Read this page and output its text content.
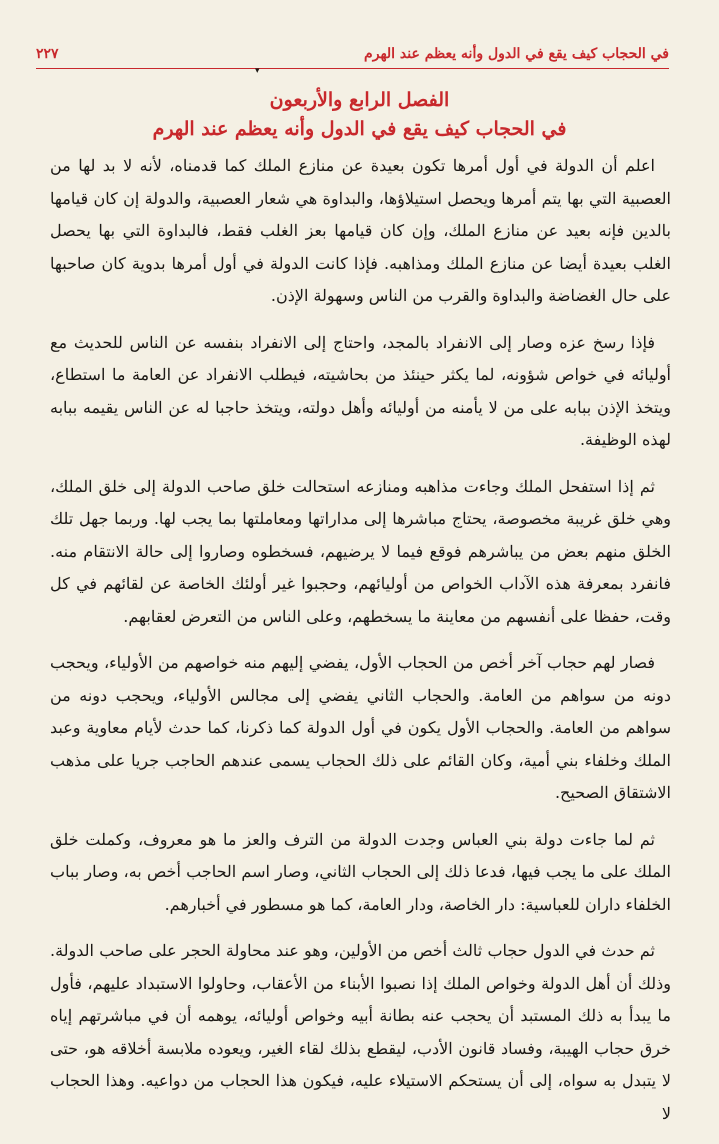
في الحجاب كيف يقع في الدول وأنه يعظم عند الهرم
٢٢٧
▾
الفصل الرابع والأربعون
في الحجاب كيف يقع في الدول وأنه يعظم عند الهرم

اعلم أن الدولة في أول أمرها تكون بعيدة عن منازع الملك كما قدمناه، لأنه لا بد لها من العصبية التي بها يتم أمرها ويحصل استيلاؤها، والبداوة هي شعار العصبية، والدولة إن كان قيامها بالدين فإنه بعيد عن منازع الملك، وإن كان قيامها بعز الغلب فقط، فالبداوة التي بها يحصل الغلب بعيدة أيضا عن منازع الملك ومذاهبه. فإذا كانت الدولة في أول أمرها بدوية كان صاحبها على حال الغضاضة والبداوة والقرب من الناس وسهولة الإذن.

فإذا رسخ عزه وصار إلى الانفراد بالمجد، واحتاج إلى الانفراد بنفسه عن الناس للحديث مع أوليائه في خواص شؤونه، لما يكثر حينئذ من بحاشيته، فيطلب الانفراد عن العامة ما استطاع، ويتخذ الإذن ببابه على من لا يأمنه من أوليائه وأهل دولته، ويتخذ حاجبا له عن الناس يقيمه ببابه لهذه الوظيفة.

ثم إذا استفحل الملك وجاءت مذاهبه ومنازعه استحالت خلق صاحب الدولة إلى خلق الملك، وهي خلق غريبة مخصوصة، يحتاج مباشرها إلى مداراتها ومعاملتها بما يجب لها. وربما جهل تلك الخلق منهم بعض من يباشرهم فوقع فيما لا يرضيهم، فسخطوه وصاروا إلى حالة الانتقام منه. فانفرد بمعرفة هذه الآداب الخواص من أوليائهم، وحجبوا غير أولئك الخاصة عن لقائهم في كل وقت، حفظا على أنفسهم من معاينة ما يسخطهم، وعلى الناس من التعرض لعقابهم.

فصار لهم حجاب آخر أخص من الحجاب الأول، يفضي إليهم منه خواصهم من الأولياء، ويحجب دونه من سواهم من العامة. والحجاب الثاني يفضي إلى مجالس الأولياء، ويحجب دونه من سواهم من العامة. والحجاب الأول يكون في أول الدولة كما ذكرنا، كما حدث لأيام معاوية وعبد الملك وخلفاء بني أمية، وكان القائم على ذلك الحجاب يسمى عندهم الحاجب جريا على مذهب الاشتقاق الصحيح.

ثم لما جاءت دولة بني العباس وجدت الدولة من الترف والعز ما هو معروف، وكملت خلق الملك على ما يجب فيها، فدعا ذلك إلى الحجاب الثاني، وصار اسم الحاجب أخص به، وصار بباب الخلفاء داران للعباسية: دار الخاصة، ودار العامة، كما هو مسطور في أخبارهم.

ثم حدث في الدول حجاب ثالث أخص من الأولين، وهو عند محاولة الحجر على صاحب الدولة. وذلك أن أهل الدولة وخواص الملك إذا نصبوا الأبناء من الأعقاب، وحاولوا الاستبداد عليهم، فأول ما يبدأ به ذلك المستبد أن يحجب عنه بطانة أبيه وخواص أوليائه، يوهمه أن في مباشرتهم إياه خرق حجاب الهيبة، وفساد قانون الأدب، ليقطع بذلك لقاء الغير، ويعوده ملابسة أخلاقه هو، حتى لا يتبدل به سواه، إلى أن يستحكم الاستيلاء عليه، فيكون هذا الحجاب من دواعيه. وهذا الحجاب لا
